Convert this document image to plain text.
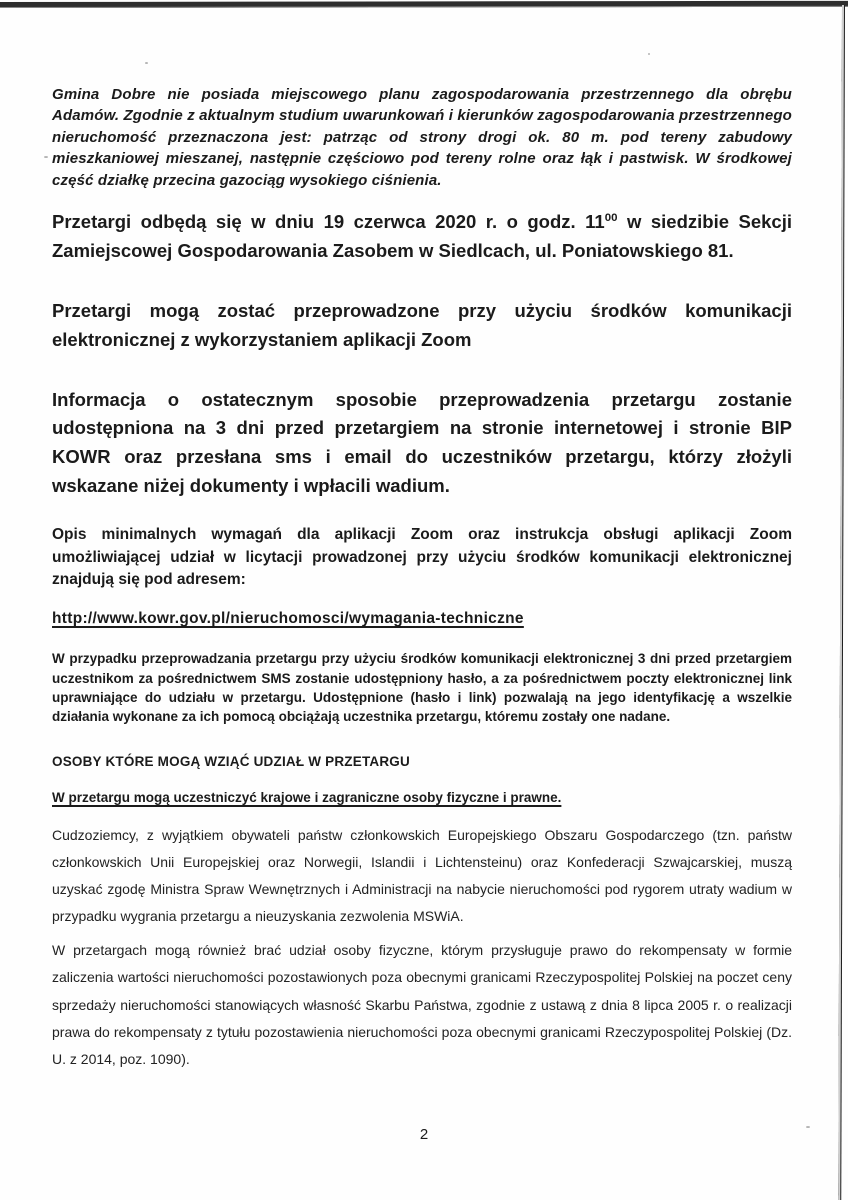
Gmina Dobre nie posiada miejscowego planu zagospodarowania przestrzennego dla obrębu Adamów. Zgodnie z aktualnym studium uwarunkowań i kierunków zagospodarowania przestrzennego nieruchomość przeznaczona jest: patrząc od strony drogi ok. 80 m. pod tereny zabudowy mieszkaniowej mieszanej, następnie częściowo pod tereny rolne oraz łąk i pastwisk. W środkowej część działkę przecina gazociąg wysokiego ciśnienia.

Przetargi odbędą się w dniu 19 czerwca 2020 r. o godz. $11^{00}$ w siedzibie Sekcji Zamiejscowej Gospodarowania Zasobem w Siedlcach, ul. Poniatowskiego 81.

Przetargi mogą zostać przeprowadzone przy użyciu środków komunikacji elektronicznej z wykorzystaniem aplikacji Zoom

Informacja o ostatecznym sposobie przeprowadzenia przetargu zostanie udostępniona na 3 dni przed przetargiem na stronie internetowej i stronie BIP KOWR oraz przesłana sms i email do uczestników przetargu, którzy złożyli wskazane niżej dokumenty i wpłacili wadium.

Opis minimalnych wymagań dla aplikacji Zoom oraz instrukcja obsługi aplikacji Zoom umożliwiającej udział w licytacji prowadzonej przy użyciu środków komunikacji elektronicznej znajdują się pod adresem:

http://www.kowr.gov.pl/nieruchomosci/wymagania-techniczne

W przypadku przeprowadzania przetargu przy użyciu środków komunikacji elektronicznej 3 dni przed przetargiem uczestnikom za pośrednictwem SMS zostanie udostępniony hasło, a za pośrednictwem poczty elektronicznej link uprawniające do udziału w przetargu. Udostępnione (hasło i link) pozwalają na jego identyfikację a wszelkie działania wykonane za ich pomocą obciążają uczestnika przetargu, któremu zostały one nadane.

OSOBY KTÓRE MOGĄ WZIĄĆ UDZIAŁ W PRZETARGU

W przetargu mogą uczestniczyć krajowe i zagraniczne osoby fizyczne i prawne.

Cudzoziemcy, z wyjątkiem obywateli państw członkowskich Europejskiego Obszaru Gospodarczego (tzn. państw członkowskich Unii Europejskiej oraz Norwegii, Islandii i Lichtensteinu) oraz Konfederacji Szwajcarskiej, muszą uzyskać zgodę Ministra Spraw Wewnętrznych i Administracji na nabycie nieruchomości pod rygorem utraty wadium w przypadku wygrania przetargu a nieuzyskania zezwolenia MSWiA.

W przetargach mogą również brać udział osoby fizyczne, którym przysługuje prawo do rekompensaty w formie zaliczenia wartości nieruchomości pozostawionych poza obecnymi granicami Rzeczypospolitej Polskiej na poczet ceny sprzedaży nieruchomości stanowiących własność Skarbu Państwa, zgodnie z ustawą z dnia 8 lipca 2005 r. o realizacji prawa do rekompensaty z tytułu pozostawienia nieruchomości poza obecnymi granicami Rzeczypospolitej Polskiej (Dz. U. z 2014, poz. 1090).

2
